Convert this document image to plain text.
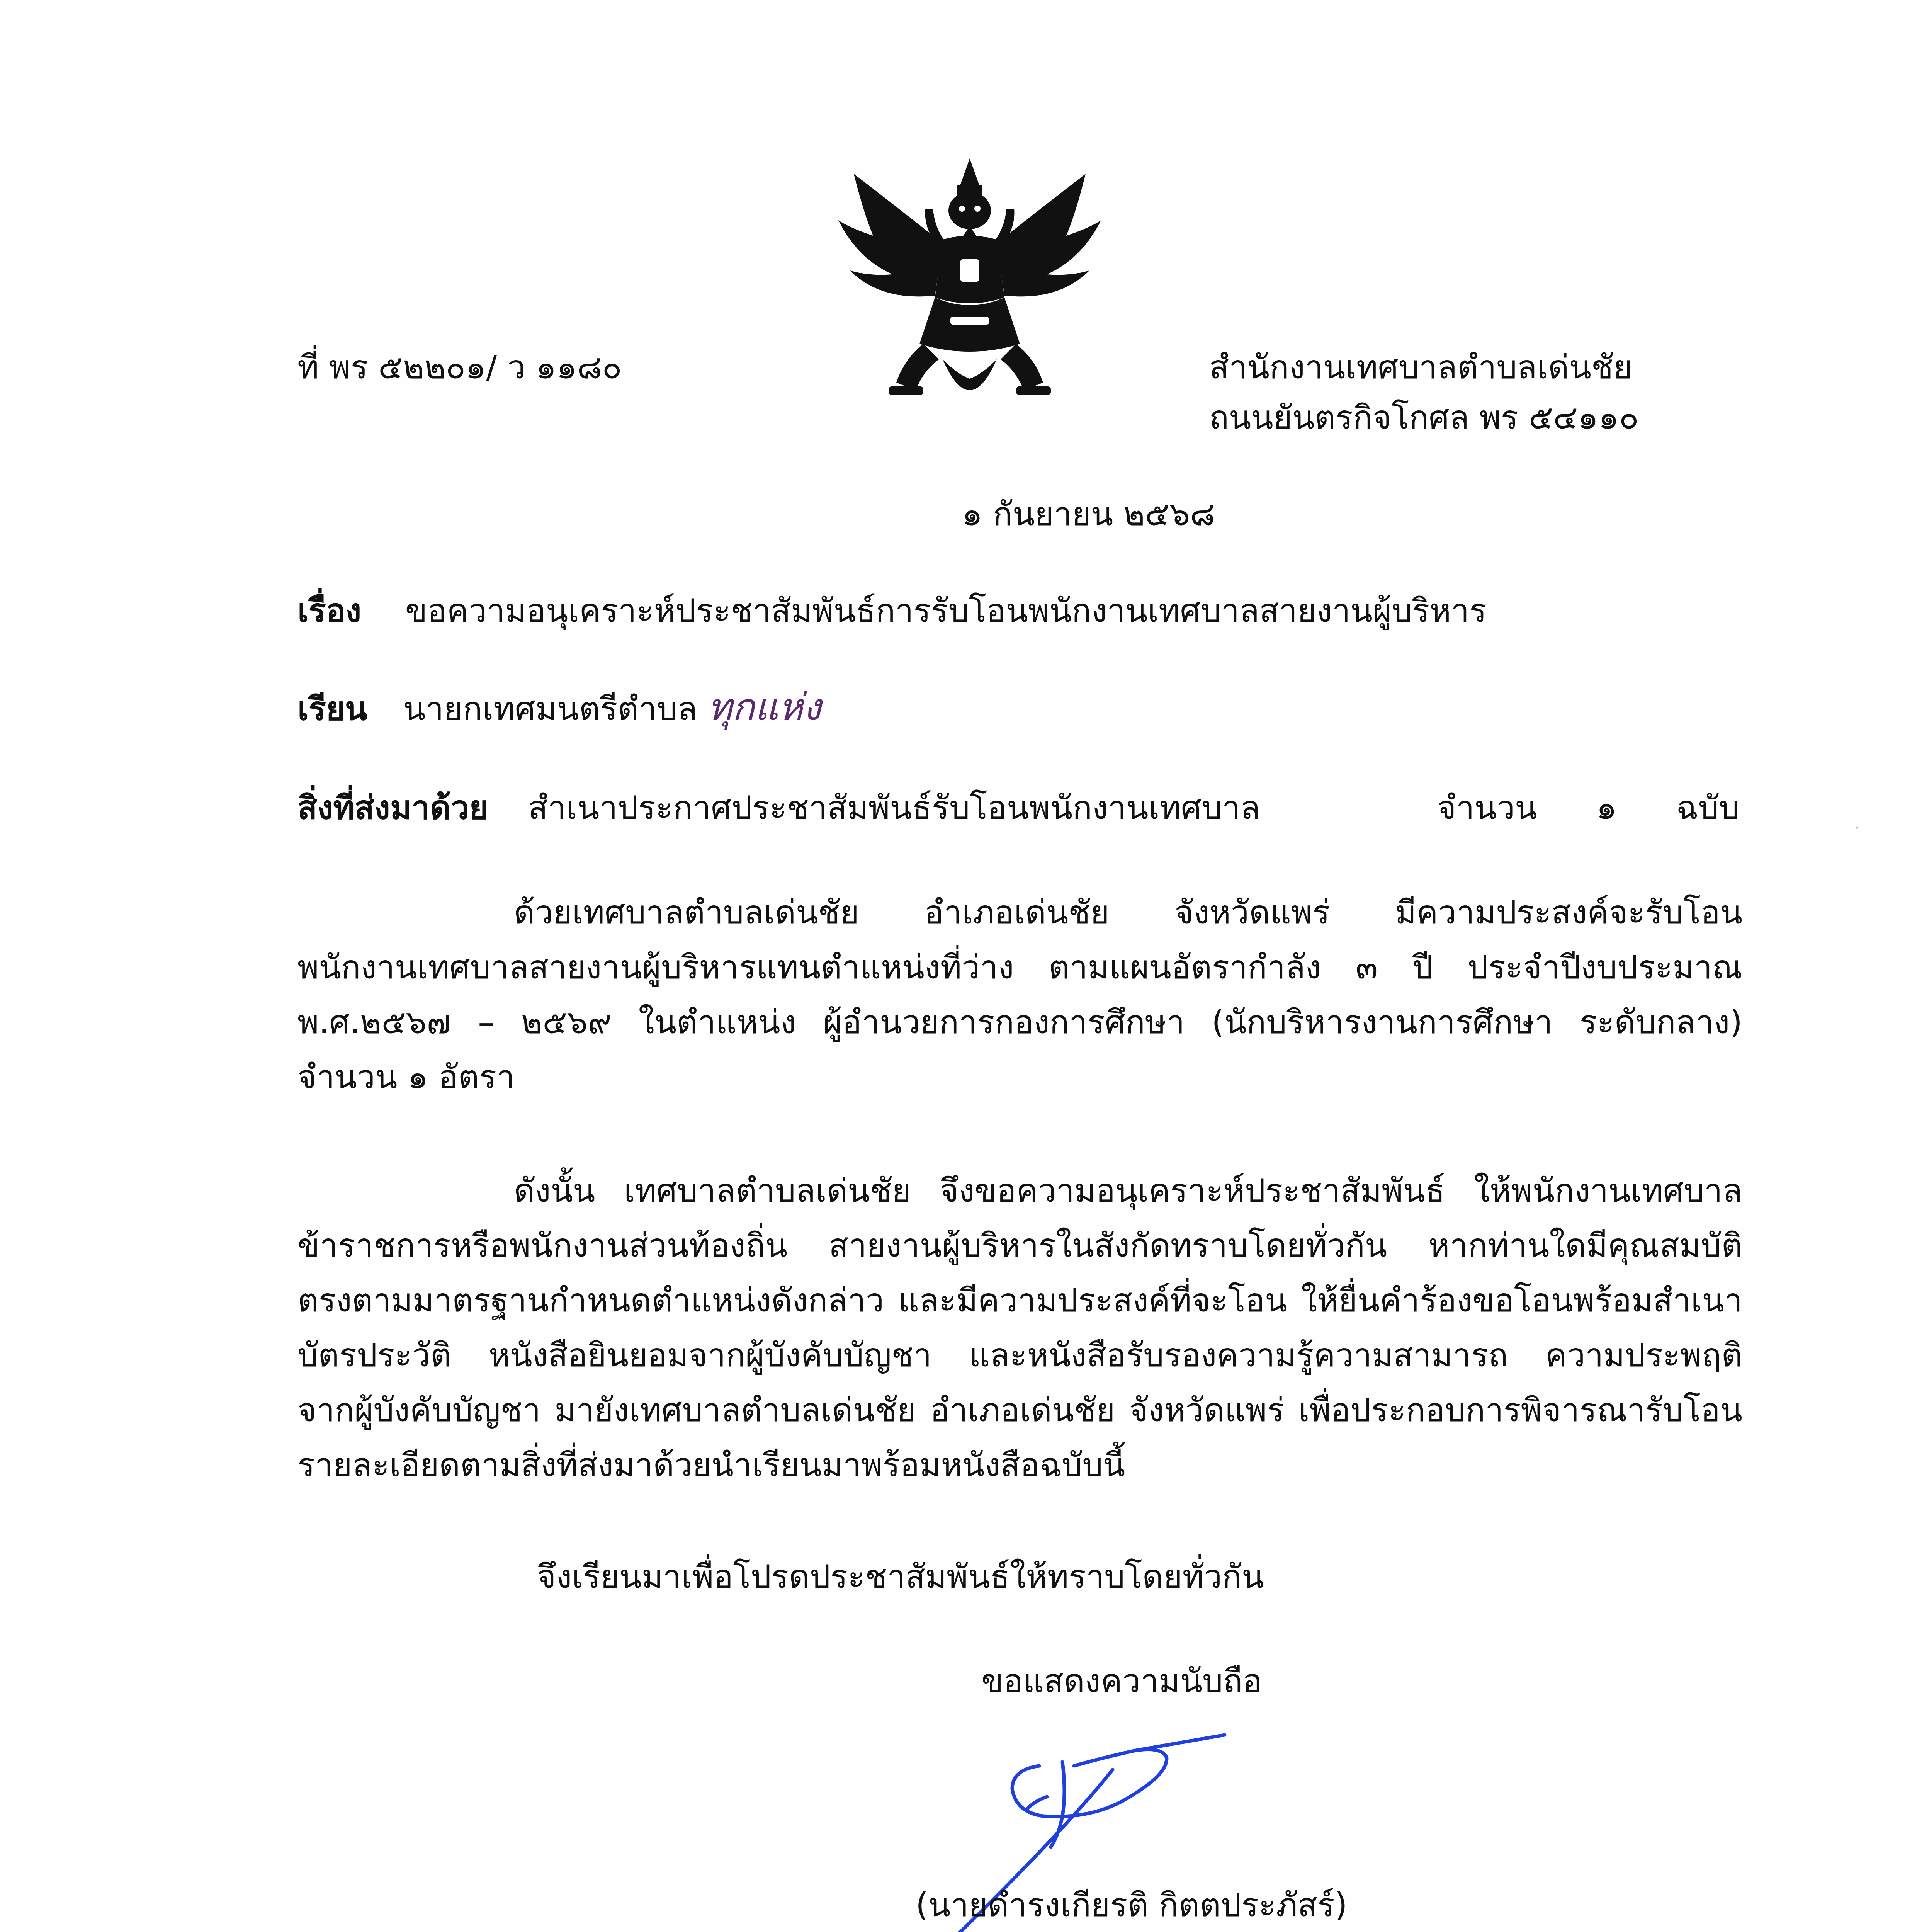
ที่ พร ๕๒๒๐๑/ ว ๑๑๘๐	สำนักงานเทศบาลตำบลเด่นชัย
ถนนยันตรกิจโกศล พร ๕๔๑๑๐
๑ กันยายน ๒๕๖๘
เรื่อง ขอความอนุเคราะห์ประชาสัมพันธ์การรับโอนพนักงานเทศบาลสายงานผู้บริหาร
เรียน นายกเทศมนตรีตำบล ทุกแห่ง
สิ่งที่ส่งมาด้วย สำเนาประกาศประชาสัมพันธ์รับโอนพนักงานเทศบาล	จำนวน ๑ ฉบับ
ด้วยเทศบาลตำบลเด่นชัย อำเภอเด่นชัย จังหวัดแพร่ มีความประสงค์จะรับโอน
พนักงานเทศบาลสายงานผู้บริหารแทนตำแหน่งที่ว่าง ตามแผนอัตรากำลัง ๓ ปี ประจำปีงบประมาณ
พ.ศ.๒๕๖๗ – ๒๕๖๙ ในตำแหน่ง ผู้อำนวยการกองการศึกษา (นักบริหารงานการศึกษา ระดับกลาง)
จำนวน ๑ อัตรา
ดังนั้น เทศบาลตำบลเด่นชัย จึงขอความอนุเคราะห์ประชาสัมพันธ์ ให้พนักงานเทศบาล
ข้าราชการหรือพนักงานส่วนท้องถิ่น สายงานผู้บริหารในสังกัดทราบโดยทั่วกัน หากท่านใดมีคุณสมบัติ
ตรงตามมาตรฐานกำหนดตำแหน่งดังกล่าว และมีความประสงค์ที่จะโอน ให้ยื่นคำร้องขอโอนพร้อมสำเนา
บัตรประวัติ หนังสือยินยอมจากผู้บังคับบัญชา และหนังสือรับรองความรู้ความสามารถ ความประพฤติ
จากผู้บังคับบัญชา มายังเทศบาลตำบลเด่นชัย อำเภอเด่นชัย จังหวัดแพร่ เพื่อประกอบการพิจารณารับโอน
รายละเอียดตามสิ่งที่ส่งมาด้วยนำเรียนมาพร้อมหนังสือฉบับนี้
จึงเรียนมาเพื่อโปรดประชาสัมพันธ์ให้ทราบโดยทั่วกัน
ขอแสดงความนับถือ
(นายดำรงเกียรติ กิตตประภัสร์)
·
